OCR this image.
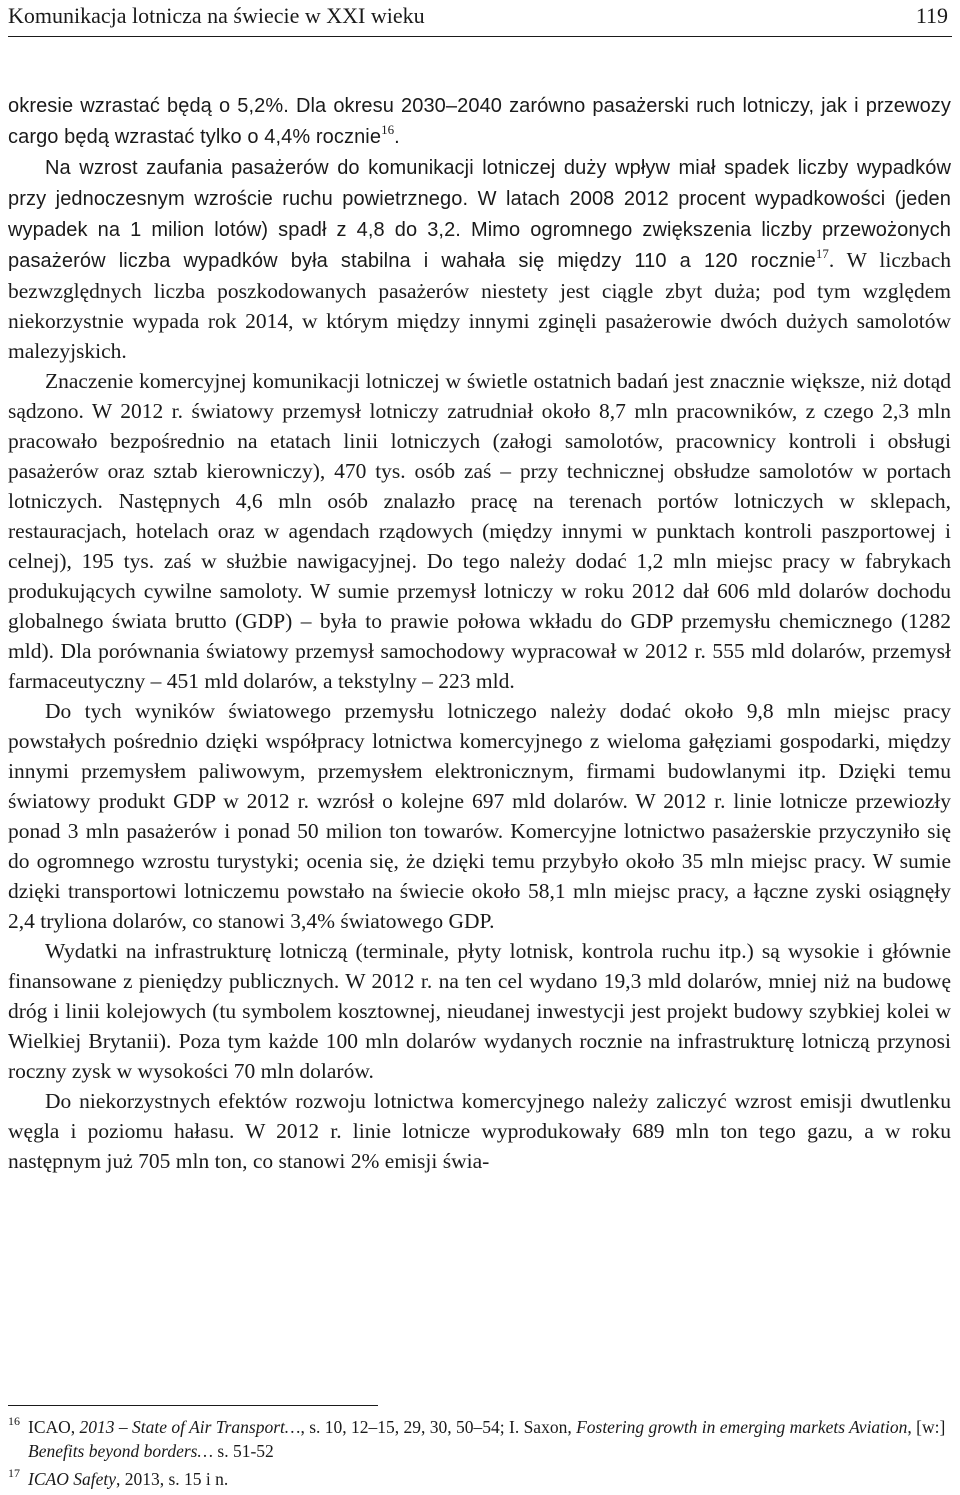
Komunikacja lotnicza na świecie w XXI wieku	119

okresie wzrastać będą o 5,2%. Dla okresu 2030–2040 zarówno pasażerski ruch lotniczy, jak i przewozy cargo będą wzrastać tylko o 4,4% rocznie$^{16}$.

Na wzrost zaufania pasażerów do komunikacji lotniczej duży wpływ miał spadek liczby wypadków przy jednoczesnym wzroście ruchu powietrznego. W latach 2008 2012 procent wypadkowości (jeden wypadek na 1 milion lotów) spadł z 4,8 do 3,2. Mimo ogromnego zwiększenia liczby przewożonych pasażerów liczba wypadków była stabilna i wahała się między 110 a 120 rocznie$^{17}$. W liczbach bezwzględnych liczba poszkodowanych pasażerów niestety jest ciągle zbyt duża; pod tym względem niekorzystnie wypada rok 2014, w którym między innymi zginęli pasażerowie dwóch dużych samolotów malezyjskich.

Znaczenie komercyjnej komunikacji lotniczej w świetle ostatnich badań jest znacznie większe, niż dotąd sądzono. W 2012 r. światowy przemysł lotniczy zatrudniał około 8,7 mln pracowników, z czego 2,3 mln pracowało bezpośrednio na etatach linii lotniczych (załogi samolotów, pracownicy kontroli i obsługi pasażerów oraz sztab kierowniczy), 470 tys. osób zaś – przy technicznej obsłudze samolotów w portach lotniczych. Następnych 4,6 mln osób znalazło pracę na terenach portów lotniczych w sklepach, restauracjach, hotelach oraz w agendach rządowych (między innymi w punktach kontroli paszportowej i celnej), 195 tys. zaś w służbie nawigacyjnej. Do tego należy dodać 1,2 mln miejsc pracy w fabrykach produkujących cywilne samoloty. W sumie przemysł lotniczy w roku 2012 dał 606 mld dolarów dochodu globalnego świata brutto (GDP) – była to prawie połowa wkładu do GDP przemysłu chemicznego (1282 mld). Dla porównania światowy przemysł samochodowy wypracował w 2012 r. 555 mld dolarów, przemysł farmaceutyczny – 451 mld dolarów, a tekstylny – 223 mld.

Do tych wyników światowego przemysłu lotniczego należy dodać około 9,8 mln miejsc pracy powstałych pośrednio dzięki współpracy lotnictwa komercyjnego z wieloma gałęziami gospodarki, między innymi przemysłem paliwowym, przemysłem elektronicznym, firmami budowlanymi itp. Dzięki temu światowy produkt GDP w 2012 r. wzrósł o kolejne 697 mld dolarów. W 2012 r. linie lotnicze przewiozły ponad 3 mln pasażerów i ponad 50 milion ton towarów. Komercyjne lotnictwo pasażerskie przyczyniło się do ogromnego wzrostu turystyki; ocenia się, że dzięki temu przybyło około 35 mln miejsc pracy. W sumie dzięki transportowi lotniczemu powstało na świecie około 58,1 mln miejsc pracy, a łączne zyski osiągnęły 2,4 tryliona dolarów, co stanowi 3,4% światowego GDP.

Wydatki na infrastrukturę lotniczą (terminale, płyty lotnisk, kontrola ruchu itp.) są wysokie i głównie finansowane z pieniędzy publicznych. W 2012 r. na ten cel wydano 19,3 mld dolarów, mniej niż na budowę dróg i linii kolejowych (tu symbolem kosztownej, nieudanej inwestycji jest projekt budowy szybkiej kolei w Wielkiej Brytanii). Poza tym każde 100 mln dolarów wydanych rocznie na infrastrukturę lotniczą przynosi roczny zysk w wysokości 70 mln dolarów.

Do niekorzystnych efektów rozwoju lotnictwa komercyjnego należy zaliczyć wzrost emisji dwutlenku węgla i poziomu hałasu. W 2012 r. linie lotnicze wyprodukowały 689 mln ton tego gazu, a w roku następnym już 705 mln ton, co stanowi 2% emisji świa-

16 ICAO, 2013 – State of Air Transport…, s. 10, 12–15, 29, 30, 50–54; I. Saxon, Fostering growth in emerging markets Aviation, [w:] Benefits beyond borders… s. 51-52
17 ICAO Safety, 2013, s. 15 i n.
